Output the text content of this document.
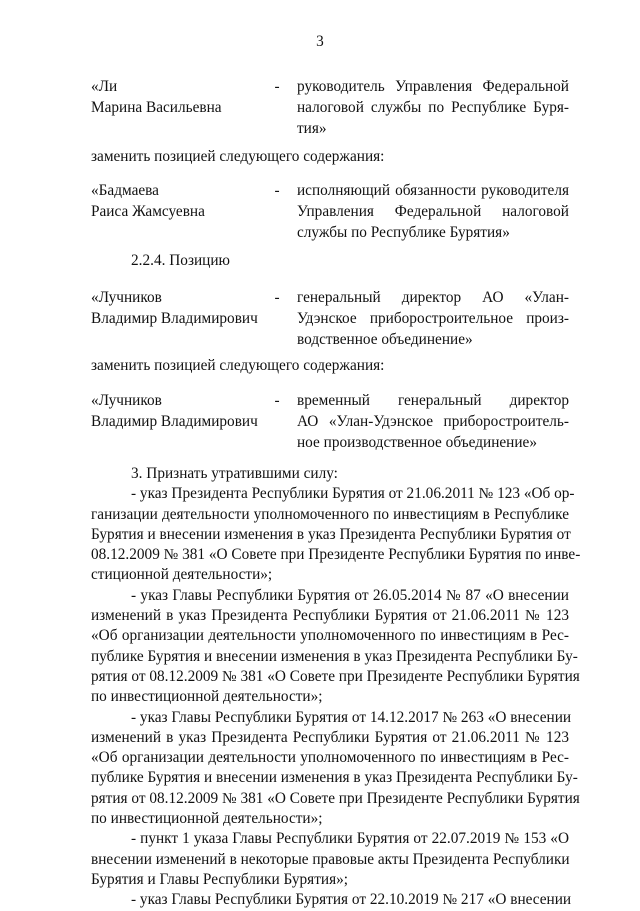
3
«Ли
Марина Васильевна
- руководитель Управления Федеральной
налоговой службы по Республике Буря-
тия»
заменить позицией следующего содержания:
«Бадмаева
Раиса Жамсуевна
- исполняющий обязанности руководителя
Управления Федеральной налоговой
службы по Республике Бурятия»
2.2.4. Позицию
«Лучников
Владимир Владимирович
- генеральный директор АО «Улан-
Удэнское приборостроительное произ-
водственное объединение»
заменить позицией следующего содержания:
«Лучников
Владимир Владимирович
- временный генеральный директор
АО «Улан-Удэнское приборостроитель-
ное производственное объединение»
3. Признать утратившими силу:
- указ Президента Республики Бурятия от 21.06.2011 № 123 «Об ор-
ганизации деятельности уполномоченного по инвестициям в Республике
Бурятия и внесении изменения в указ Президента Республики Бурятия от
08.12.2009 № 381 «О Совете при Президенте Республики Бурятия по инве-
стиционной деятельности»;
- указ Главы Республики Бурятия от 26.05.2014 № 87 «О внесении
изменений в указ Президента Республики Бурятия от 21.06.2011 № 123
«Об организации деятельности уполномоченного по инвестициям в Рес-
публике Бурятия и внесении изменения в указ Президента Республики Бу-
рятия от 08.12.2009 № 381 «О Совете при Президенте Республики Бурятия
по инвестиционной деятельности»;
- указ Главы Республики Бурятия от 14.12.2017 № 263 «О внесении
изменений в указ Президента Республики Бурятия от 21.06.2011 № 123
«Об организации деятельности уполномоченного по инвестициям в Рес-
публике Бурятия и внесении изменения в указ Президента Республики Бу-
рятия от 08.12.2009 № 381 «О Совете при Президенте Республики Бурятия
по инвестиционной деятельности»;
- пункт 1 указа Главы Республики Бурятия от 22.07.2019 № 153 «О
внесении изменений в некоторые правовые акты Президента Республики
Бурятия и Главы Республики Бурятия»;
- указ Главы Республики Бурятия от 22.10.2019 № 217 «О внесении
